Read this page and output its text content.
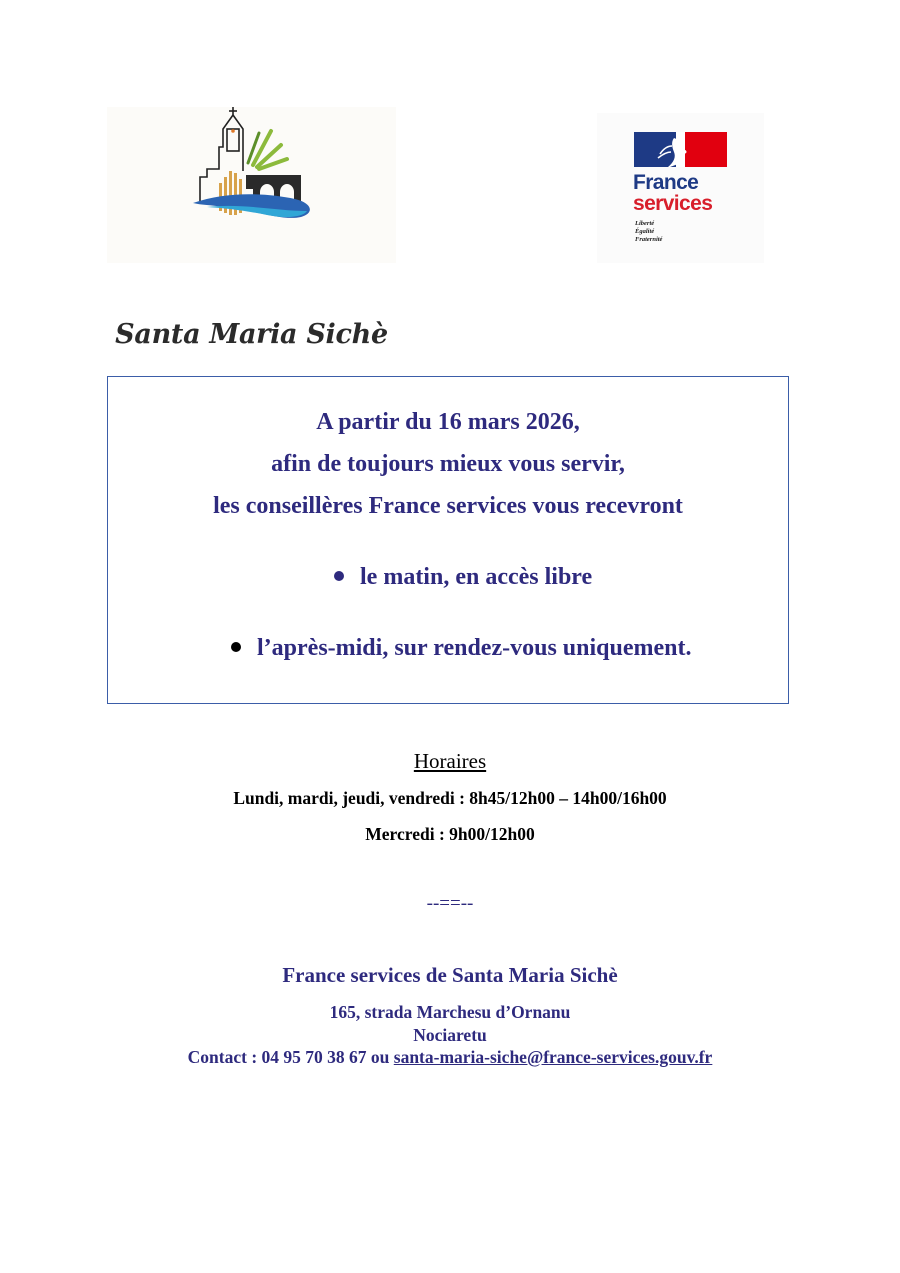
Santa Maria Sichè
France
services
Liberté
Égalité
Fraternité
A partir du 16 mars 2026,
afin de toujours mieux vous servir,
les conseillères France services vous recevront
le matin, en accès libre
l’après-midi, sur rendez-vous uniquement.
Horaires
Lundi, mardi, jeudi, vendredi : 8h45/12h00 – 14h00/16h00
Mercredi : 9h00/12h00
--==--
France services de Santa Maria Sichè
165, strada Marchesu d’Ornanu
Nociaretu
Contact : 04 95 70 38 67 ou santa-maria-siche@france-services.gouv.fr
